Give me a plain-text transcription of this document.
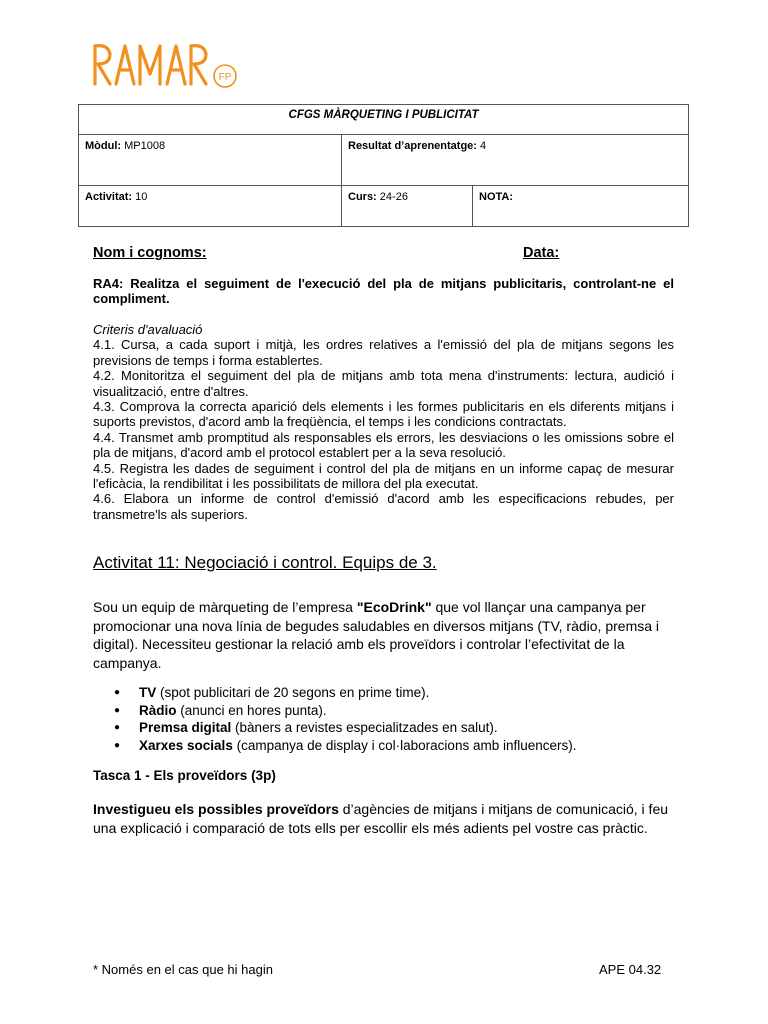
FP
CFGS MÀRQUETING I PUBLICITAT		
Mòdul: MP1008	Resultat d’aprenentatge: 4	
Activitat: 10	Curs: 24-26	NOTA:
Nom i cognoms:	Data:
RA4: Realitza el seguiment de l'execució del pla de mitjans publicitaris, controlant-ne el compliment.

Criteris d'avaluació

4.1. Cursa, a cada suport i mitjà, les ordres relatives a l'emissió del pla de mitjans segons les previsions de temps i forma establertes.

4.2. Monitoritza el seguiment del pla de mitjans amb tota mena d'instruments: lectura, audició i visualització, entre d'altres.

4.3. Comprova la correcta aparició dels elements i les formes publicitaris en els diferents mitjans i suports previstos, d'acord amb la freqüència, el temps i les condicions contractats.

4.4. Transmet amb promptitud als responsables els errors, les desviacions o les omissions sobre el pla de mitjans, d'acord amb el protocol establert per a la seva resolució.

4.5. Registra les dades de seguiment i control del pla de mitjans en un informe capaç de mesurar l'eficàcia, la rendibilitat i les possibilitats de millora del pla executat.

4.6. Elabora un informe de control d'emissió d'acord amb les especificacions rebudes, per transmetre'ls als superiors.

Activitat 11: Negociació i control. Equips de 3.
Sou un equip de màrqueting de l’empresa "EcoDrink" que vol llançar una campanya per promocionar una nova línia de begudes saludables en diversos mitjans (TV, ràdio, premsa i digital). Necessiteu gestionar la relació amb els proveïdors i controlar l’efectivitat de la campanya.
● TV (spot publicitari de 20 segons en prime time).
● Ràdio (anunci en hores punta).
● Premsa digital (bàners a revistes especialitzades en salut).
● Xarxes socials (campanya de display i col·laboracions amb influencers).
Tasca 1 - Els proveïdors (3p)
Investigueu els possibles proveïdors d’agències de mitjans i mitjans de comunicació, i feu una explicació i comparació de tots ells per escollir els més adients pel vostre cas pràctic.
* Només en el cas que hi hagin	APE 04.32
